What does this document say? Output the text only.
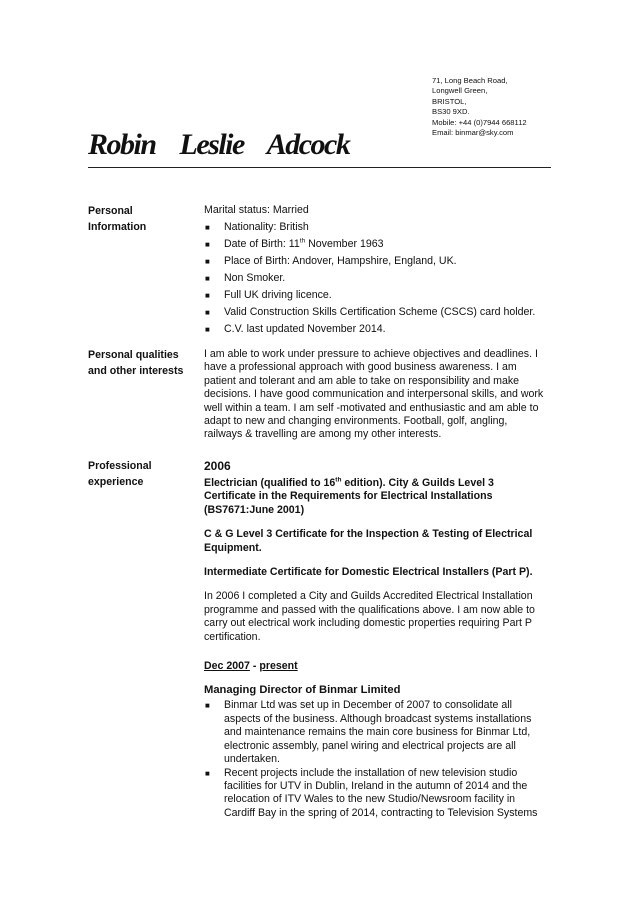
71, Long Beach Road,
Longwell Green,
BRISTOL,
BS30 9XD.
Mobile: +44 (0)7944 668112
Email: binmar@sky.com
Robin    Leslie    Adcock
Personal
Information
Marital status: Married
■ Nationality: British
■ Date of Birth: 11th November 1963
■ Place of Birth: Andover, Hampshire, England, UK.
■ Non Smoker.
■ Full UK driving licence.
■ Valid Construction Skills Certification Scheme (CSCS) card holder.
■ C.V. last updated November 2014.
Personal qualities
and other interests
I am able to work under pressure to achieve objectives and deadlines. I
have a professional approach with good business awareness. I am
patient and tolerant and am able to take on responsibility and make
decisions. I have good communication and interpersonal skills, and work
well within a team. I am self -motivated and enthusiastic and am able to
adapt to new and changing environments. Football, golf, angling,
railways & travelling are among my other interests.
Professional
experience
2006
Electrician (qualified to 16th edition). City & Guilds Level 3
Certificate in the Requirements for Electrical Installations
(BS7671:June 2001)
C & G Level 3 Certificate for the Inspection & Testing of Electrical
Equipment.
Intermediate Certificate for Domestic Electrical Installers (Part P).
In 2006 I completed a City and Guilds Accredited Electrical Installation
programme and passed with the qualifications above. I am now able to
carry out electrical work including domestic properties requiring Part P
certification.
Dec 2007 - present
Managing Director of Binmar Limited
■ Binmar Ltd was set up in December of 2007 to consolidate all
aspects of the business. Although broadcast systems installations
and maintenance remains the main core business for Binmar Ltd,
electronic assembly, panel wiring and electrical projects are all
undertaken.
■ Recent projects include the installation of new television studio
facilities for UTV in Dublin, Ireland in the autumn of 2014 and the
relocation of ITV Wales to the new Studio/Newsroom facility in
Cardiff Bay in the spring of 2014, contracting to Television Systems
